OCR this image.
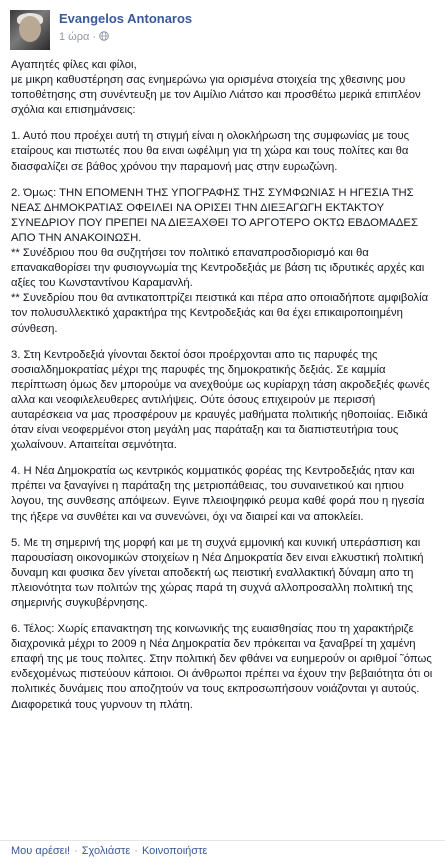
Evangelos Antonaros
1 ώρα ·

Αγαπητές φίλες και φίλοι,
με μικρη καθυστέρηση σας ενημερώνω για ορισμένα στοιχεία της χθεσινης μου τοποθέτησης στη συνέντευξη με τον Αιμίλιο Λιάτσο και προσθέτω μερικά επιπλέον σχόλια και επισημάνσεις:

1. Αυτό που προέχει αυτή τη στιγμή είναι η ολοκλήρωση της συμφωνίας με τους εταίρους και πιστωτές που θα ειναι ωφέλιμη για τη χώρα και τους πολίτες και θα διασφαλίζει σε βάθος χρόνου την παραμονή μας στην ευρωζώνη.

2. Όμως: ΤΗΝ ΕΠΟΜΕΝΗ ΤΗΣ ΥΠΟΓΡΑΦΗΣ ΤΗΣ ΣΥΜΦΩΝΙΑΣ Η ΗΓΕΣΙΑ ΤΗΣ ΝΕΑΣ ΔΗΜΟΚΡΑΤΙΑΣ ΟΦΕΙΛΕΙ ΝΑ ΟΡΙΣΕΙ ΤΗΝ ΔΙΕΞΑΓΩΓΗ ΕΚΤΑΚΤΟΥ ΣΥΝΕΔΡΙΟΥ ΠΟΥ ΠΡΕΠΕΙ ΝΑ ΔΙΕΞΑΧΘΕΙ ΤΟ ΑΡΓΟΤΕΡΟ ΟΚΤΩ ΕΒΔΟΜΑΔΕΣ ΑΠΟ ΤΗΝ ΑΝΑΚΟΙΝΩΣΗ.
** Συνέδριου που θα συζητήσει τον πολιτικό επαναπροσδιορισμό και θα επανακαθορίσει την φυσιογνωμία της Κεντροδεξιάς με βάση τις ιδρυτικές αρχές και αξίες του Κωνσταντίνου Καραμανλή.
** Συνεδρίου που θα αντικατοπτρίζει πειστικά και πέρα απο οποιαδήποτε αμφιβολία τον πολυσυλλεκτικό χαρακτήρα της Κεντροδεξιάς και θα έχει επικαιροποιημένη σύνθεση.

3. Στη Κεντροδεξιά γίνονται δεκτοί όσοι προέρχονται απο τις παρυφές της σοσιαλδημοκρατίας μέχρι της παρυφές της δημοκρατικής δεξιάς. Σε καμμία περίπτωση όμως δεν μπορούμε να ανεχθούμε ως κυρίαρχη τάση ακροδεξιές φωνές αλλα και νεοφιλελευθερες αντιλήψεις. Ούτε όσους επιχειρούν με περισσή αυταρέσκεια να μας προσφέρουν με κραυγές μαθήματα πολιτικής ηθοποιίας. Ειδικά όταν είναι νεοφερμένοι στοη μεγάλη μας παράταξη και τα διαπιστευτήρια τους χωλαίνουν. Απαιτείται σεμνότητα.

4. Η Νέα Δημοκρατία ως κεντρικός κομματικός φορέας της Κεντροδεξιάς ηταν και πρέπει να ξαναγίνει η παράταξη της μετριοπάθειας, του συναινετικού και ηπιου λογου, της συνθεσης απόψεων. Εγινε πλειοψηφικό ρευμα καθέ φορά που η ηγεσία της ήξερε να συνθέτει και να συνενώνει, όχι να διαιρεί και να αποκλείει.

5. Με τη σημερινή της μορφή και με τη συχνά εμμονική και κυνική υπεράσπιση και παρουσίαση οικονομικών στοιχείων η Νέα Δημοκρατία δεν ειναι ελκυστική πολιτική δυναμη και φυσικα δεν γίνεται αποδεκτή ως πειστική εναλλακτική δύναμη απο τη πλειονότητα των πολιτών της χώρας παρά τη συχνά αλλοπροσαλλη πολιτική της σημερινής συγκυβέρνησης.

6. Τέλος: Χωρίς επανακτηση της κοινωνικής της ευαισθησίας που τη χαρακτήριζε διαχρονικά μέχρι το 2009 η Νέα Δημοκρατία δεν πρόκειται να ξαναβρεί τη χαμένη επαφή της με τους πολιτες. Στην πολιτική δεν φθάνει να ευημερούν οι αριθμοί ˜όπως ενδεχομένως πιστεύουν κάποιοι. Οι άνθρωποι πρέπει να έχουν την βεβαιότητα ότι οι πολιτικές δυνάμεις που αποζητούν να τους εκπροσωπήσουν νοιάζονται γι αυτούς. Διαφορετικά τους γυρνουν τη πλάτη.

Μου αρέσει! · Σχολιάστε · Κοινοποιήστε
